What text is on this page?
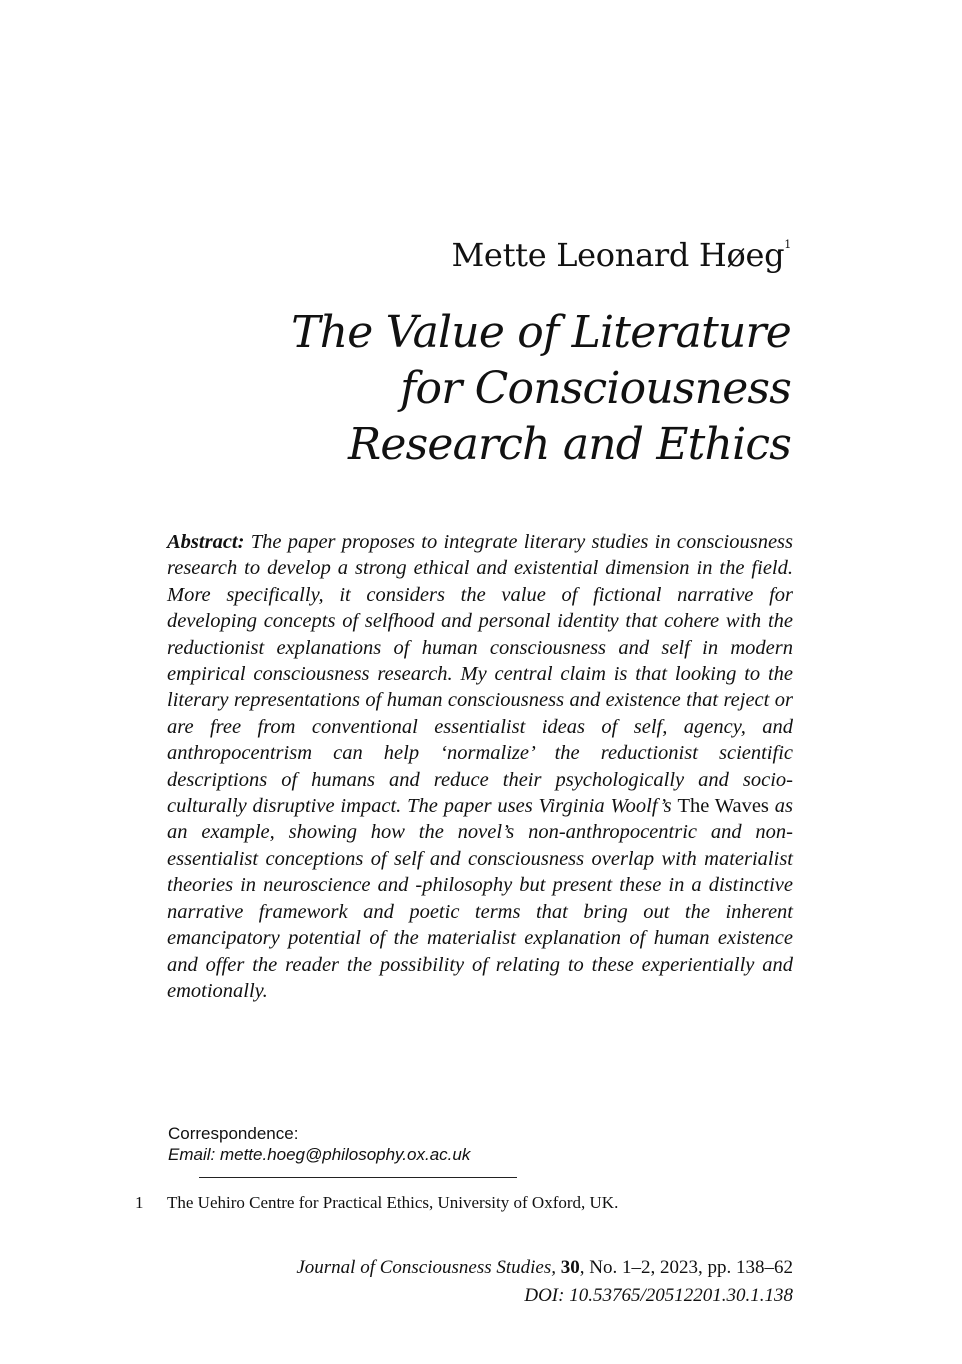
Mette Leonard Høeg$^1$
The Value of Literature
for Consciousness
Research and Ethics

Abstract: The paper proposes to integrate literary studies in consciousness research to develop a strong ethical and existential dimension in the field. More specifically, it considers the value of fictional narrative for developing concepts of selfhood and personal identity that cohere with the reductionist explanations of human consciousness and self in modern empirical consciousness research. My central claim is that looking to the literary representations of human consciousness and existence that reject or are free from conventional essentialist ideas of self, agency, and anthropocentrism can help ‘normalize’ the reductionist scientific descriptions of humans and reduce their psychologically and socio-culturally disruptive impact. The paper uses Virginia Woolf’s The Waves as an example, showing how the novel’s non-anthropocentric and non-essentialist conceptions of self and consciousness overlap with materialist theories in neuroscience and -philosophy but present these in a distinctive narrative framework and poetic terms that bring out the inherent emancipatory potential of the materialist explanation of human existence and offer the reader the possibility of relating to these experientially and emotionally.

Correspondence:
Email: mette.hoeg@philosophy.ox.ac.uk
1 The Uehiro Centre for Practical Ethics, University of Oxford, UK.
Journal of Consciousness Studies, 30, No. 1–2, 2023, pp. 138–62
DOI: 10.53765/20512201.30.1.138
